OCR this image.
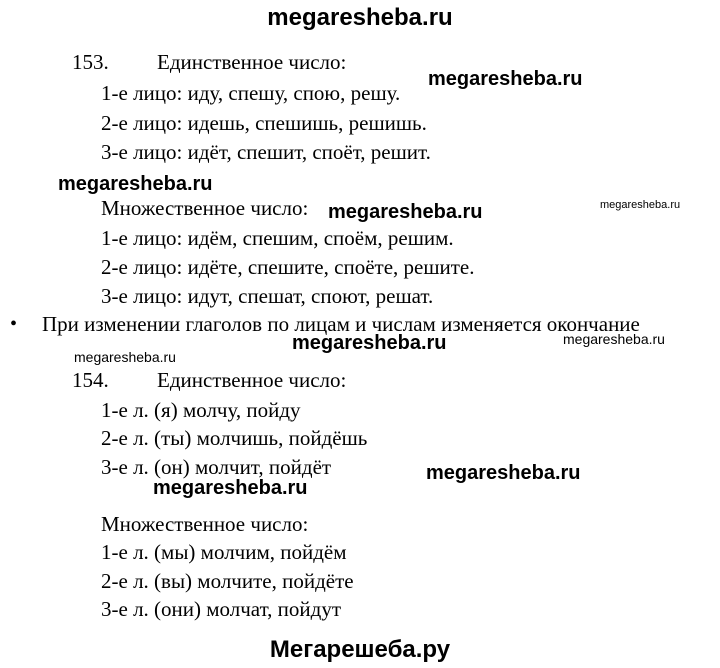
megaresheba.ru
153. Единственное число:
1-е лицо: иду, спешу, спою, решу.
2-е лицо: идешь, спешишь, решишь.
3-е лицо: идёт, спешит, споёт, решит.
Множественное число:
1-е лицо: идём, спешим, споём, решим.
2-е лицо: идёте, спешите, споёте, решите.
3-е лицо: идут, спешат, споют, решат.
• При изменении глаголов по лицам и числам изменяется окончание
154. Единственное число:
1-е л. (я) молчу, пойду
2-е л. (ты) молчишь, пойдёшь
3-е л. (он) молчит, пойдёт
Множественное число:
1-е л. (мы) молчим, пойдём
2-е л. (вы) молчите, пойдёте
3-е л. (они) молчат, пойдут
megaresheba.ru
megaresheba.ru
megaresheba.ru	megaresheba.ru
megaresheba.ru
megaresheba.ru
megaresheba.ru
megaresheba.ru
megaresheba.ru
Мегарешеба.ру
